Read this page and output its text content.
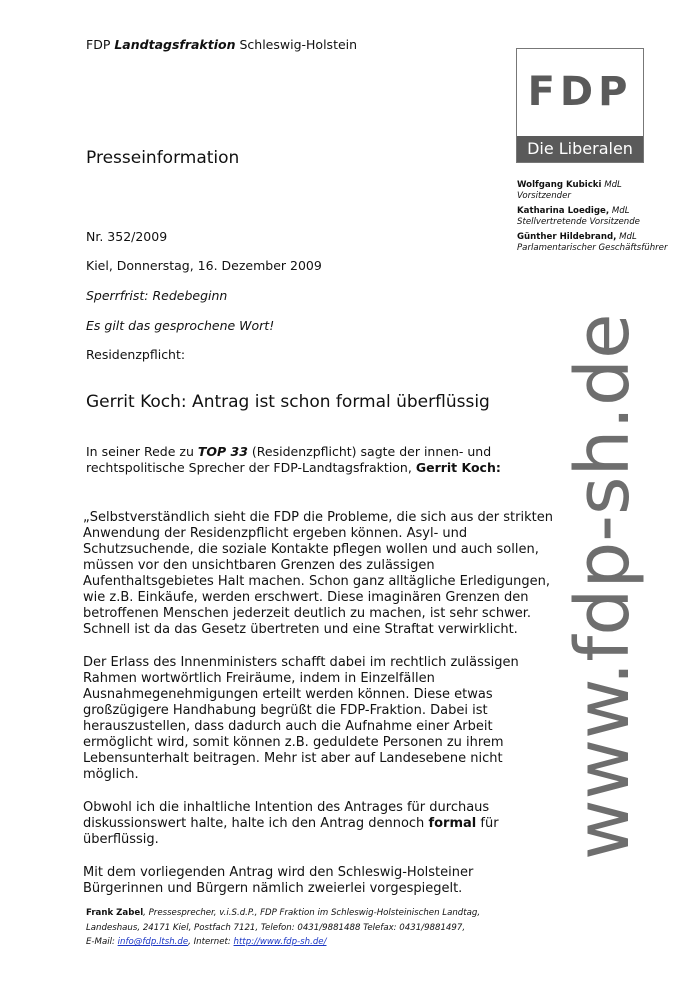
FDP Landtagsfraktion Schleswig-Holstein
FDP
Die Liberalen
Wolfgang Kubicki MdL
Vorsitzender
Katharina Loedige, MdL
Stellvertretende Vorsitzende
Günther Hildebrand, MdL
Parlamentarischer Geschäftsführer
www.fdp-sh.de
Presseinformation
Nr. 352/2009
Kiel, Donnerstag, 16. Dezember 2009
Sperrfrist: Redebeginn
Es gilt das gesprochene Wort!
Residenzpflicht:
Gerrit Koch: Antrag ist schon formal überflüssig
In seiner Rede zu TOP 33 (Residenzpflicht) sagte der innen- und rechtspolitische Sprecher der FDP-Landtagsfraktion, Gerrit Koch:

„Selbstverständlich sieht die FDP die Probleme, die sich aus der strikten Anwendung der Residenzpflicht ergeben können. Asyl- und Schutzsuchende, die soziale Kontakte pflegen wollen und auch sollen, müssen vor den unsichtbaren Grenzen des zulässigen Aufenthaltsgebietes Halt machen. Schon ganz alltägliche Erledigungen, wie z.B. Einkäufe, werden erschwert. Diese imaginären Grenzen den betroffenen Menschen jederzeit deutlich zu machen, ist sehr schwer. Schnell ist da das Gesetz übertreten und eine Straftat verwirklicht.

Der Erlass des Innenministers schafft dabei im rechtlich zulässigen Rahmen wortwörtlich Freiräume, indem in Einzelfällen Ausnahmegenehmigungen erteilt werden können. Diese etwas großzügigere Handhabung begrüßt die FDP-Fraktion. Dabei ist herauszustellen, dass dadurch auch die Aufnahme einer Arbeit ermöglicht wird, somit können z.B. geduldete Personen zu ihrem Lebensunterhalt beitragen. Mehr ist aber auf Landesebene nicht möglich.

Obwohl ich die inhaltliche Intention des Antrages für durchaus diskussionswert halte, halte ich den Antrag dennoch formal für überflüssig.

Mit dem vorliegenden Antrag wird den Schleswig-Holsteiner Bürgerinnen und Bürgern nämlich zweierlei vorgespiegelt.

Frank Zabel, Pressesprecher, v.i.S.d.P., FDP Fraktion im Schleswig-Holsteinischen Landtag,
Landeshaus, 24171 Kiel, Postfach 7121, Telefon: 0431/9881488 Telefax: 0431/9881497,
E-Mail: info@fdp.ltsh.de, Internet: http://www.fdp-sh.de/
